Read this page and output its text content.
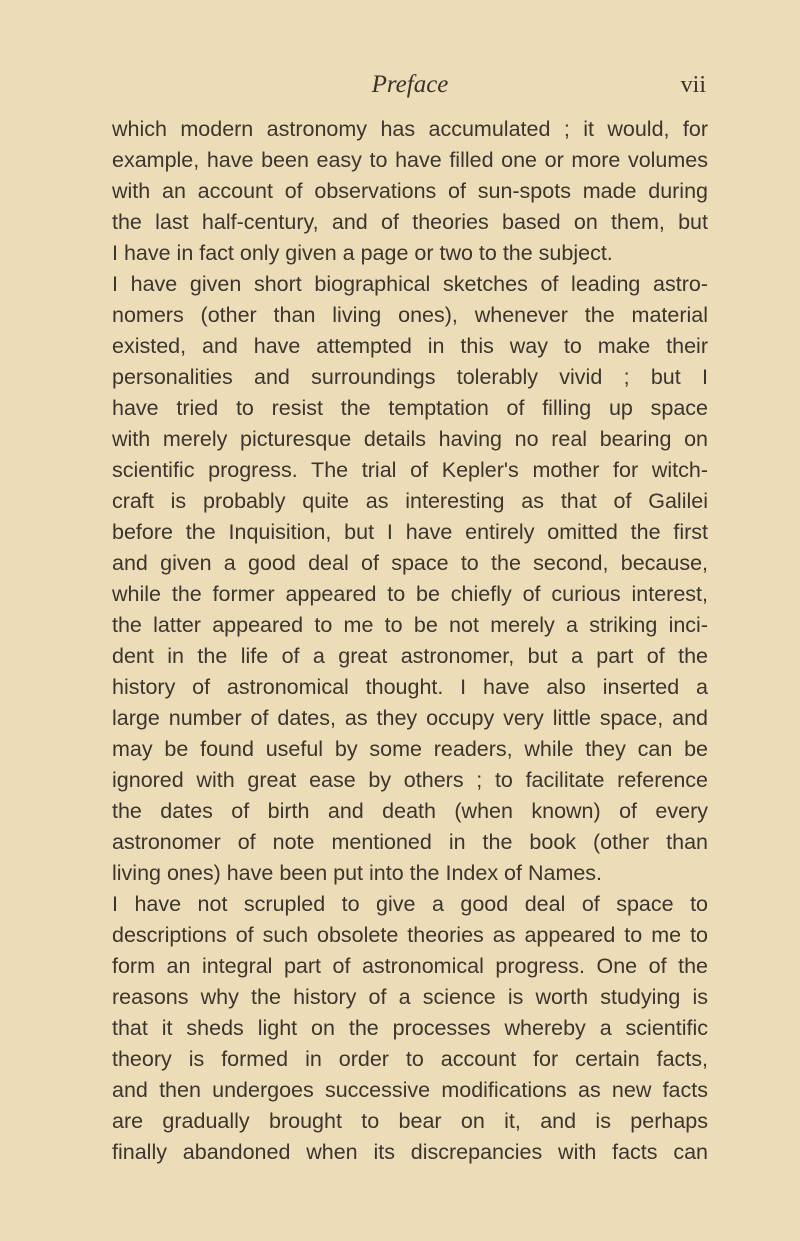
Preface	vii
which modern astronomy has accumulated ; it would, for
example, have been easy to have filled one or more volumes
with an account of observations of sun-spots made during
the last half-century, and of theories based on them, but
I have in fact only given a page or two to the subject.
I have given short biographical sketches of leading astro-
nomers (other than living ones), whenever the material
existed, and have attempted in this way to make their
personalities and surroundings tolerably vivid ; but I
have tried to resist the temptation of filling up space
with merely picturesque details having no real bearing on
scientific progress. The trial of Kepler's mother for witch-
craft is probably quite as interesting as that of Galilei
before the Inquisition, but I have entirely omitted the first
and given a good deal of space to the second, because,
while the former appeared to be chiefly of curious interest,
the latter appeared to me to be not merely a striking inci-
dent in the life of a great astronomer, but a part of the
history of astronomical thought. I have also inserted a
large number of dates, as they occupy very little space, and
may be found useful by some readers, while they can be
ignored with great ease by others ; to facilitate reference
the dates of birth and death (when known) of every
astronomer of note mentioned in the book (other than
living ones) have been put into the Index of Names.
I have not scrupled to give a good deal of space to
descriptions of such obsolete theories as appeared to me to
form an integral part of astronomical progress. One of the
reasons why the history of a science is worth studying is
that it sheds light on the processes whereby a scientific
theory is formed in order to account for certain facts,
and then undergoes successive modifications as new facts
are gradually brought to bear on it, and is perhaps
finally abandoned when its discrepancies with facts can
